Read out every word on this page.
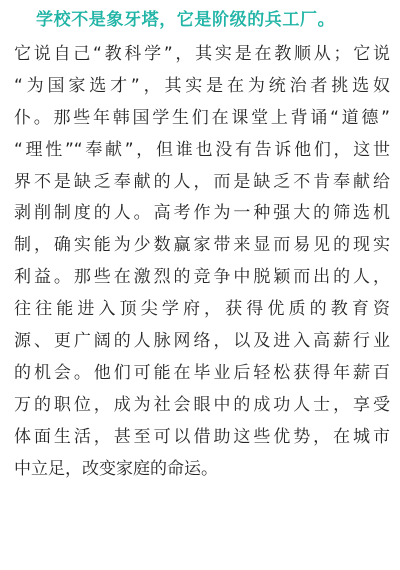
学校不是象牙塔，它是阶级的兵工厂。
它说自己“教科学”，其实是在教顺从；它说
“为国家选才”，其实是在为统治者挑选奴
仆。那些年韩国学生们在课堂上背诵“道德”
“理性”“奉献”，但谁也没有告诉他们，这世
界不是缺乏奉献的人，而是缺乏不肯奉献给
剥削制度的人。高考作为一种强大的筛选机
制，确实能为少数赢家带来显而易见的现实
利益。那些在激烈的竞争中脱颖而出的人，
往往能进入顶尖学府，获得优质的教育资
源、更广阔的人脉网络，以及进入高薪行业
的机会。他们可能在毕业后轻松获得年薪百
万的职位，成为社会眼中的成功人士，享受
体面生活，甚至可以借助这些优势，在城市
中立足，改变家庭的命运。
